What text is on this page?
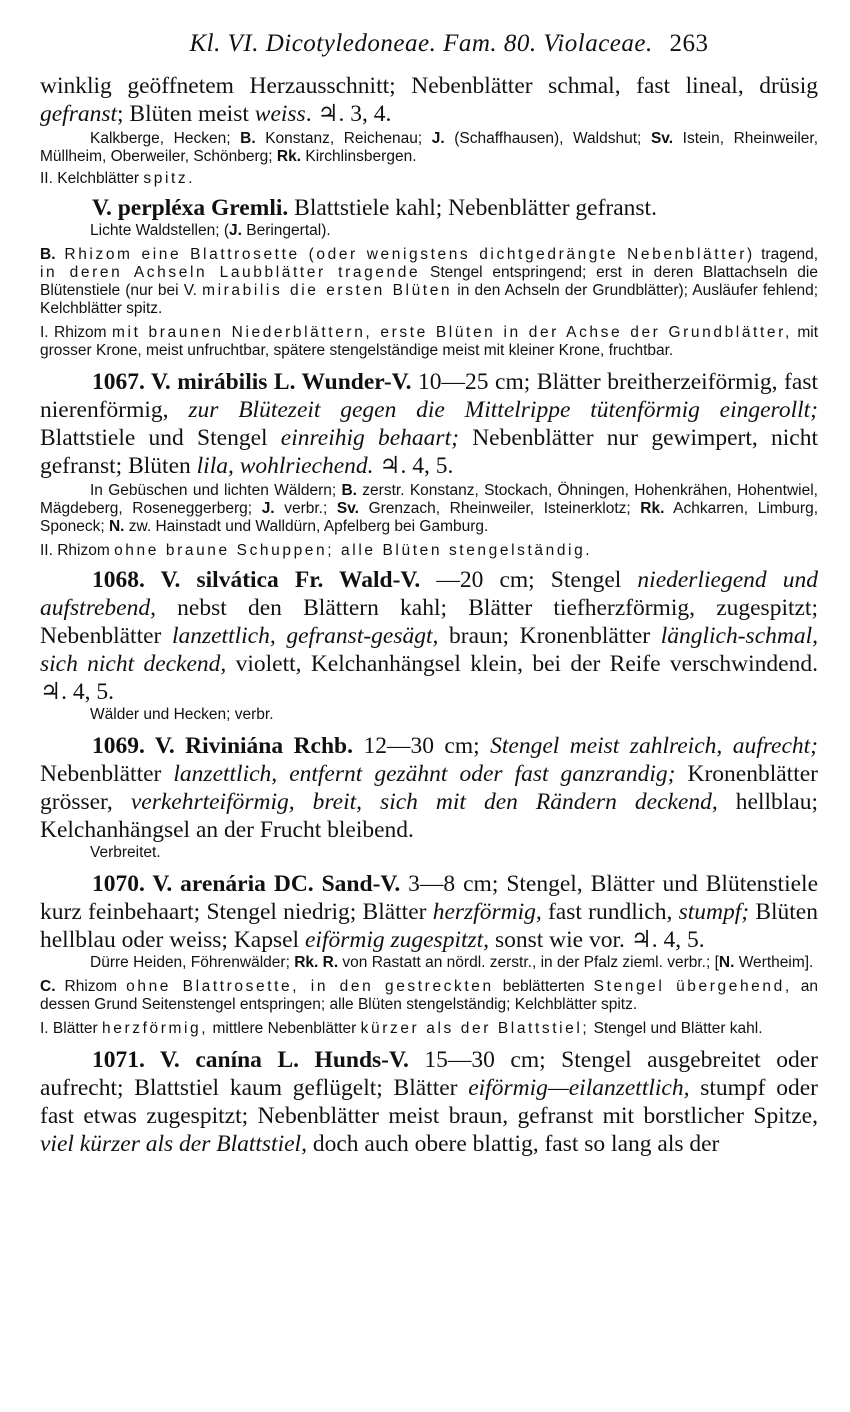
Kl. VI. Dicotyledoneae. Fam. 80. Violaceae. 263

winklig geöffnetem Herzausschnitt; Nebenblätter schmal, fast lineal, drüsig gefranst; Blüten meist weiss. ♃. 3, 4.

Kalkberge, Hecken; B. Konstanz, Reichenau; J. (Schaffhausen), Waldshut; Sv. Istein, Rheinweiler, Müllheim, Oberweiler, Schönberg; Rk. Kirchlinsbergen.

II. Kelchblätter spitz.

V. perpléxa Gremli. Blattstiele kahl; Nebenblätter gefranst.

Lichte Waldstellen; (J. Beringertal).

B. Rhizom eine Blattrosette (oder wenigstens dichtgedrängte Nebenblätter) tragend, in deren Achseln Laubblätter tragende Stengel entspringend; erst in deren Blattachseln die Blütenstiele (nur bei V. mirabilis die ersten Blüten in den Achseln der Grundblätter); Ausläufer fehlend; Kelchblätter spitz.

I. Rhizom mit braunen Niederblättern, erste Blüten in der Achse der Grundblätter, mit grosser Krone, meist unfruchtbar, spätere stengelständige meist mit kleiner Krone, fruchtbar.

1067. V. mirábilis L. Wunder-V. 10—25 cm; Blätter breitherzeiförmig, fast nierenförmig, zur Blütezeit gegen die Mittelrippe tütenförmig eingerollt; Blattstiele und Stengel einreihig behaart; Nebenblätter nur gewimpert, nicht gefranst; Blüten lila, wohlriechend. ♃. 4, 5.

In Gebüschen und lichten Wäldern; B. zerstr. Konstanz, Stockach, Öhningen, Hohenkrähen, Hohentwiel, Mägdeberg, Roseneggerberg; J. verbr.; Sv. Grenzach, Rheinweiler, Isteinerklotz; Rk. Achkarren, Limburg, Sponeck; N. zw. Hainstadt und Walldürn, Apfelberg bei Gamburg.

II. Rhizom ohne braune Schuppen; alle Blüten stengelständig.

1068. V. silvática Fr. Wald-V. —20 cm; Stengel niederliegend und aufstrebend, nebst den Blättern kahl; Blätter tiefherzförmig, zugespitzt; Nebenblätter lanzettlich, gefranst-gesägt, braun; Kronenblätter länglich-schmal, sich nicht deckend, violett, Kelchanhängsel klein, bei der Reife verschwindend. ♃. 4, 5.

Wälder und Hecken; verbr.

1069. V. Riviniána Rchb. 12—30 cm; Stengel meist zahlreich, aufrecht; Nebenblätter lanzettlich, entfernt gezähnt oder fast ganzrandig; Kronenblätter grösser, verkehrteiförmig, breit, sich mit den Rändern deckend, hellblau; Kelchanhängsel an der Frucht bleibend.

Verbreitet.

1070. V. arenária DC. Sand-V. 3—8 cm; Stengel, Blätter und Blütenstiele kurz feinbehaart; Stengel niedrig; Blätter herzförmig, fast rundlich, stumpf; Blüten hellblau oder weiss; Kapsel eiförmig zugespitzt, sonst wie vor. ♃. 4, 5.

Dürre Heiden, Föhrenwälder; Rk. R. von Rastatt an nördl. zerstr., in der Pfalz zieml. verbr.; [N. Wertheim].

C. Rhizom ohne Blattrosette, in den gestreckten beblätterten Stengel übergehend, an dessen Grund Seitenstengel entspringen; alle Blüten stengelständig; Kelchblätter spitz.

I. Blätter herzförmig, mittlere Nebenblätter kürzer als der Blattstiel; Stengel und Blätter kahl.

1071. V. canína L. Hunds-V. 15—30 cm; Stengel ausgebreitet oder aufrecht; Blattstiel kaum geflügelt; Blätter eiförmig—eilanzettlich, stumpf oder fast etwas zugespitzt; Nebenblätter meist braun, gefranst mit borstlicher Spitze, viel kürzer als der Blattstiel, doch auch obere blattig, fast so lang als der
